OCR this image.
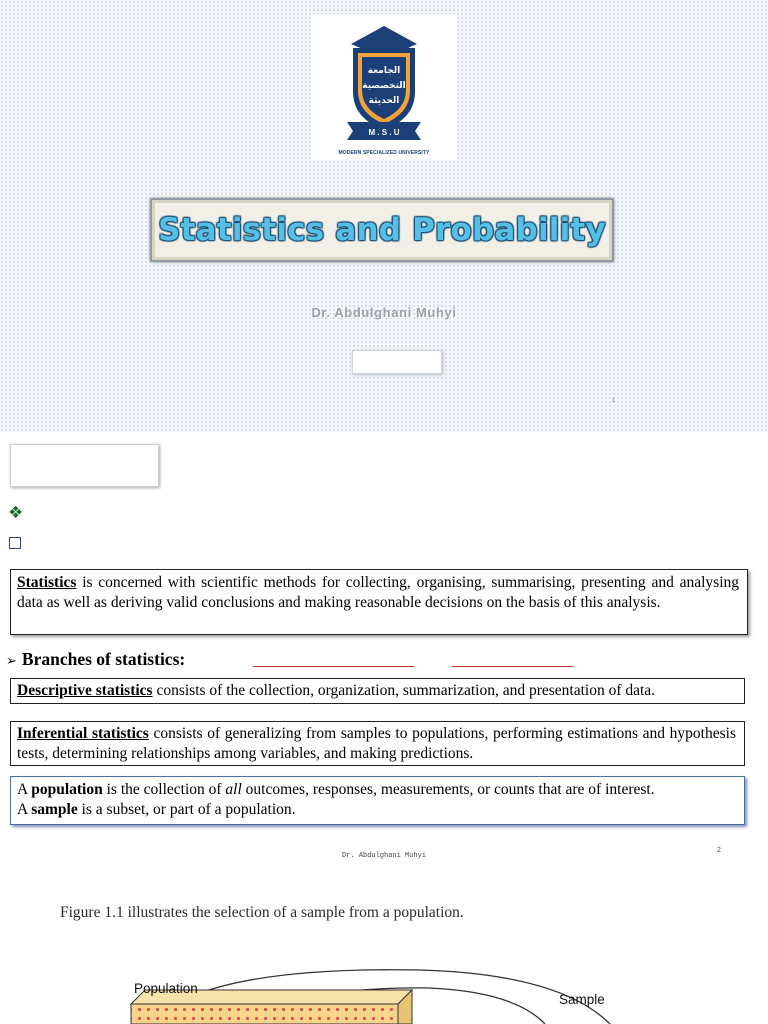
الجامعة
التخصصية
الحديثة
M . S . U
MODERN SPECIALIZED UNIVERSITY
Statistics and Probability
Dr. Abdulghani Muhyi
1
❖

Statistics is concerned with scientific methods for collecting, organising, summarising, presenting and analysing data as well as deriving valid conclusions and making reasonable decisions on the basis of this analysis.

➢ Branches of statistics:

Descriptive statistics consists of the collection, organization, summarization, and presentation of data.

Inferential statistics consists of generalizing from samples to populations, performing estimations and hypothesis tests, determining relationships among variables, and making predictions.

A population is the collection of all outcomes, responses, measurements, or counts that are of interest.

A sample is a subset, or part of a population.

Dr. Abdulghani Muhyi
2
Figure 1.1 illustrates the selection of a sample from a population.
Population
Sample
